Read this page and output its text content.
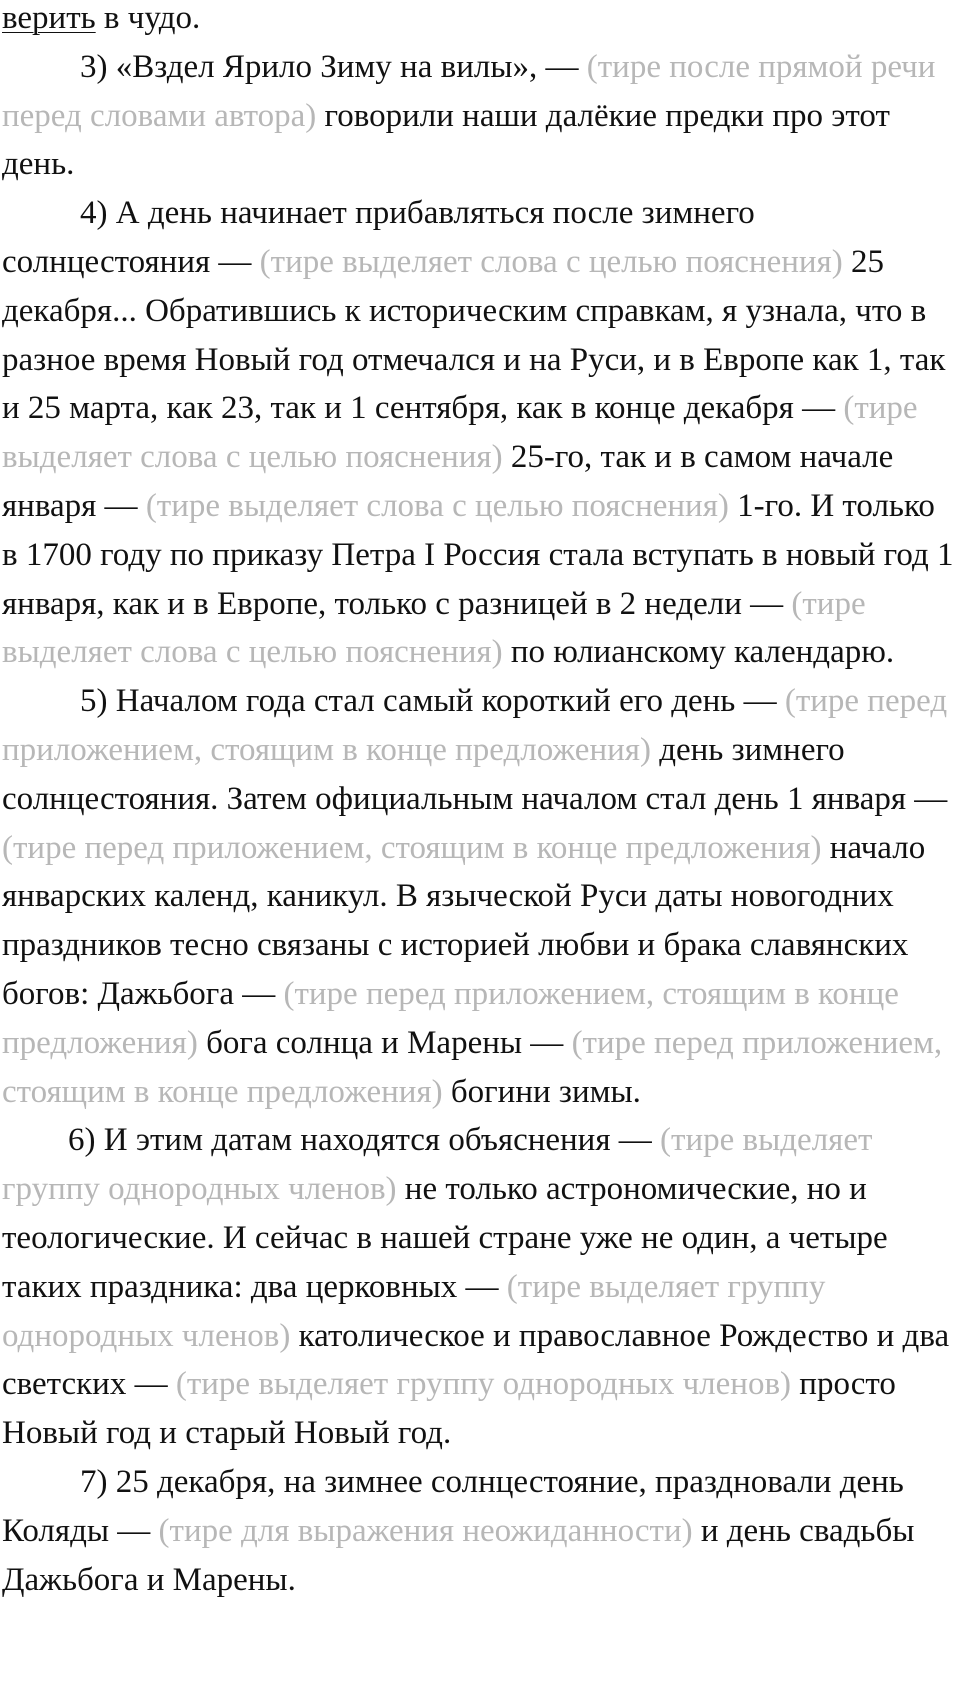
верить в чудо.

3) «Вздел Ярило Зиму на вилы», — (тире после прямой речи перед словами автора) говорили наши далёкие предки про этот день.

4) А день начинает прибавляться после зимнего солнцестояния — (тире выделяет слова с целью пояснения) 25 декабря... Обратившись к историческим справкам, я узнала, что в разное время Новый год отмечался и на Руси, и в Европе как 1, так и 25 марта, как 23, так и 1 сентября, как в конце декабря — (тире выделяет слова с целью пояснения) 25-го, так и в самом начале января — (тире выделяет слова с целью пояснения) 1-го. И только в 1700 году по приказу Петра I Россия стала вступать в новый год 1 января, как и в Европе, только с разницей в 2 недели — (тире выделяет слова с целью пояснения) по юлианскому календарю.

5) Началом года стал самый короткий его день — (тире перед приложением, стоящим в конце предложения) день зимнего солнцестояния. Затем официальным началом стал день 1 января — (тире перед приложением, стоящим в конце предложения) начало январских календ, каникул. В языческой Руси даты новогодних праздников тесно связаны с историей любви и брака славянских богов: Дажьбога — (тире перед приложением, стоящим в конце предложения) бога солнца и Марены — (тире перед приложением, стоящим в конце предложения) богини зимы.

6) И этим датам находятся объяснения — (тире выделяет группу однородных членов) не только астрономические, но и теологические. И сейчас в нашей стране уже не один, а четыре таких праздника: два церковных — (тире выделяет группу однородных членов) католическое и православное Рождество и два светских — (тире выделяет группу однородных членов) просто Новый год и старый Новый год.

7) 25 декабря, на зимнее солнцестояние, праздновали день Коляды — (тире для выражения неожиданности) и день свадьбы Дажьбога и Марены.
